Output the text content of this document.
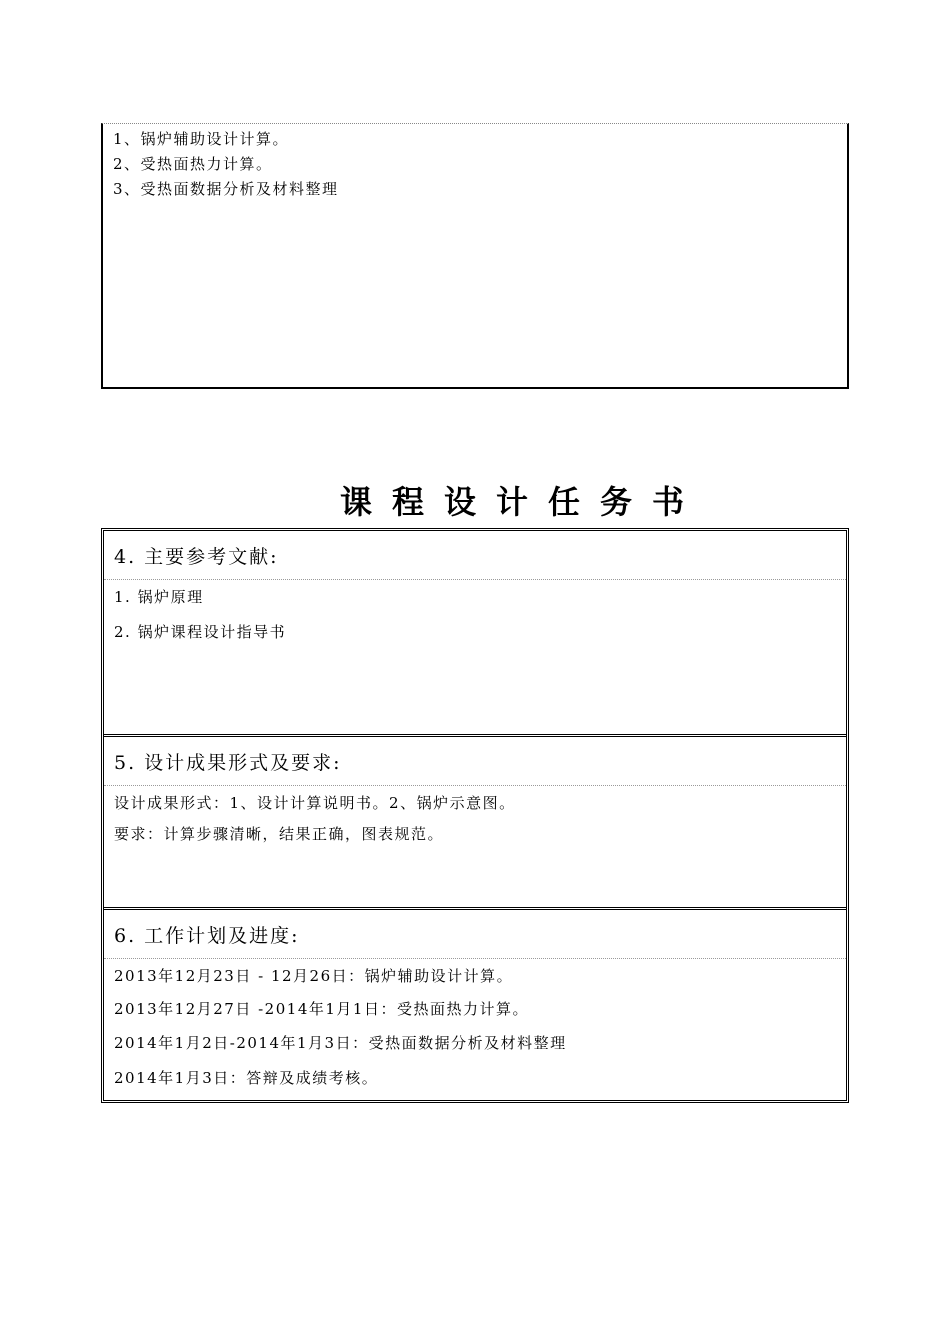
1、锅炉辅助设计计算。
2、受热面热力计算。
3、受热面数据分析及材料整理
课程设计任务书
4. 主要参考文献:
1. 锅炉原理
2. 锅炉课程设计指导书
5. 设计成果形式及要求:
设计成果形式：1、设计计算说明书。2、锅炉示意图。
要求：计算步骤清晰，结果正确，图表规范。
6. 工作计划及进度:
2013年12月23日 - 12月26日：锅炉辅助设计计算。
2013年12月27日 -2014年1月1日：受热面热力计算。
2014年1月2日-2014年1月3日：受热面数据分析及材料整理
2014年1月3日：答辩及成绩考核。
